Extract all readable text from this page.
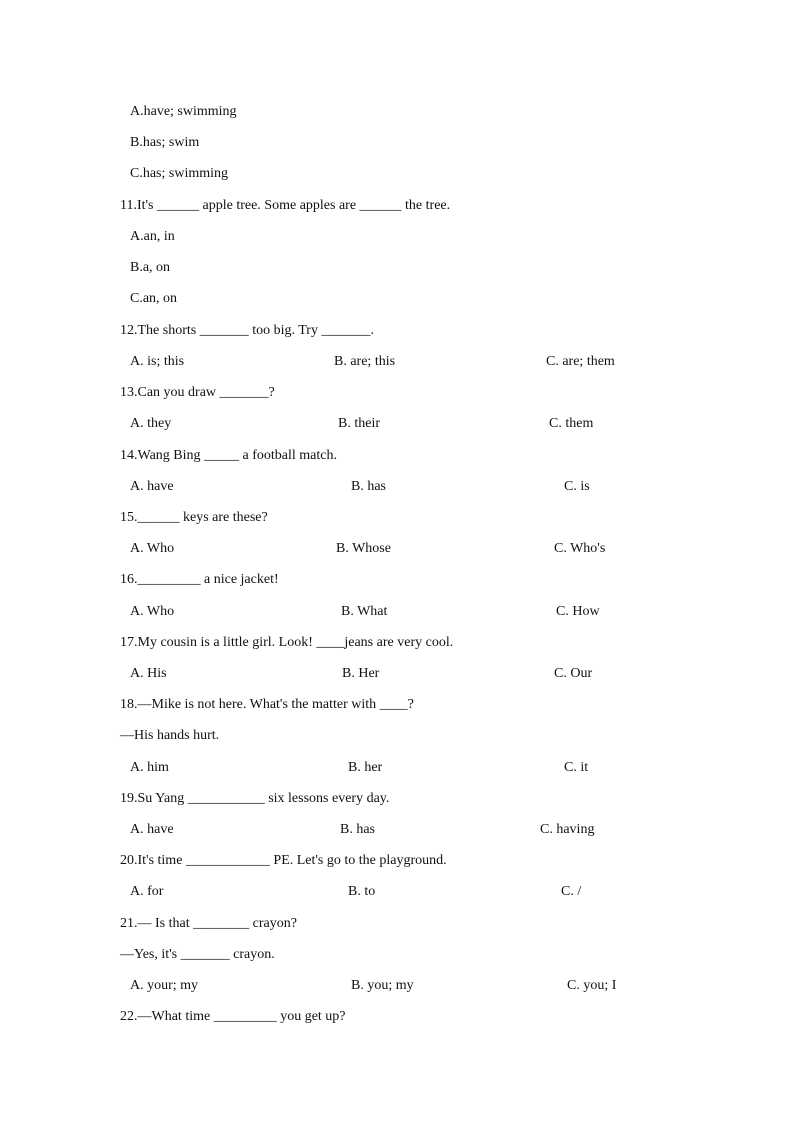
A.have; swimming
B.has; swim
C.has; swimming
11.It's ______ apple tree. Some apples are ______ the tree.
A.an, in
B.a, on
C.an, on
12.The shorts _______ too big. Try _______.
A. is; this	B. are; this	C. are; them
13.Can you draw _______?
A. they	B. their	C. them
14.Wang Bing _____ a football match.
A. have	B. has	C. is
15.______ keys are these?
A. Who	B. Whose	C. Who's
16._________ a nice jacket!
A. Who	B. What	C. How
17.My cousin is a little girl. Look! ____jeans are very cool.
A. His	B. Her	C. Our
18.—Mike is not here. What's the matter with ____?
—His hands hurt.
A. him	B. her	C. it
19.Su Yang ___________ six lessons every day.
A. have	B. has	C. having
20.It's time ____________ PE. Let's go to the playground.
A. for	B. to	C. /
21.— Is that ________ crayon?
—Yes, it's _______ crayon.
A. your; my	B. you; my	C. you; I
22.—What time _________ you get up?
